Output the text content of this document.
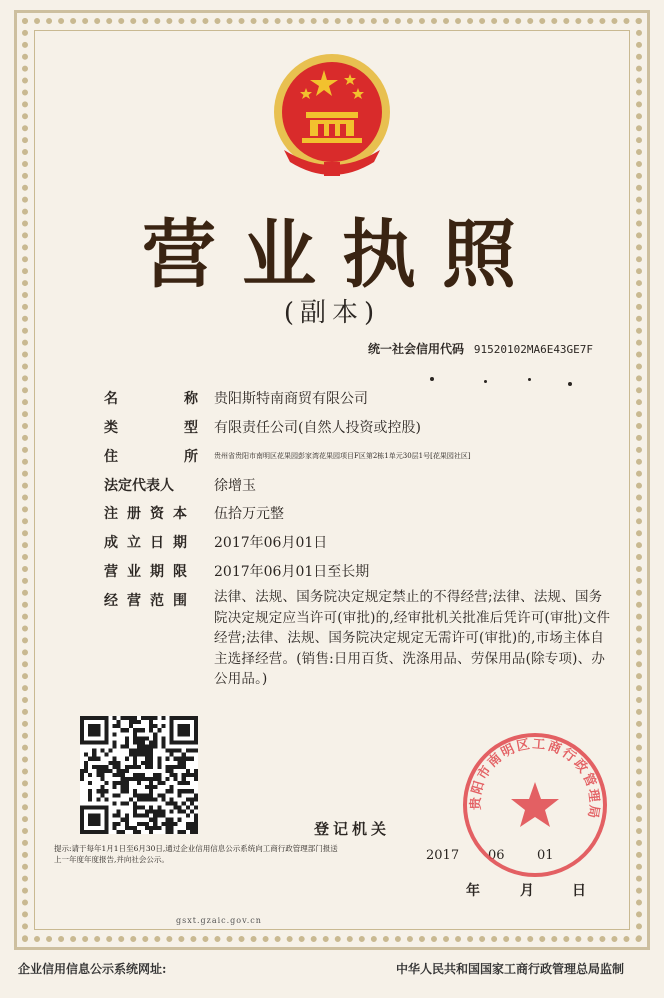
营业执照
(副本)
统一社会信用代码 91520102MA6E43GE7F
名	称 贵阳斯特南商贸有限公司
类	型 有限责任公司(自然人投资或控股)
住	所 贵州省贵阳市南明区花果园彭家湾花果园项目F区第2栋1单元30层1号[花果园社区]
法定代表人	徐增玉
注册资本 伍拾万元整
成立日期 2017年06月01日
营业期限 2017年06月01日至长期
经营范围 法律、法规、国务院决定规定禁止的不得经营;法律、法规、国务院决定规定应当许可(审批)的,经审批机关批准后凭许可(审批)文件经营;法律、法规、国务院决定规定无需许可(审批)的,市场主体自主选择经营。(销售:日用百货、洗涤用品、劳保用品(除专项)、办公用品。)
提示:请于每年1月1日至6月30日,通过企业信用信息公示系统向工商行政管理部门报送上一年度年度报告,并向社会公示。
登记机关
2017 06 01
年	月	日
贵阳市南明区工商行政管理局
gsxt.gzaic.gov.cn
企业信用信息公示系统网址:	中华人民共和国国家工商行政管理总局监制
